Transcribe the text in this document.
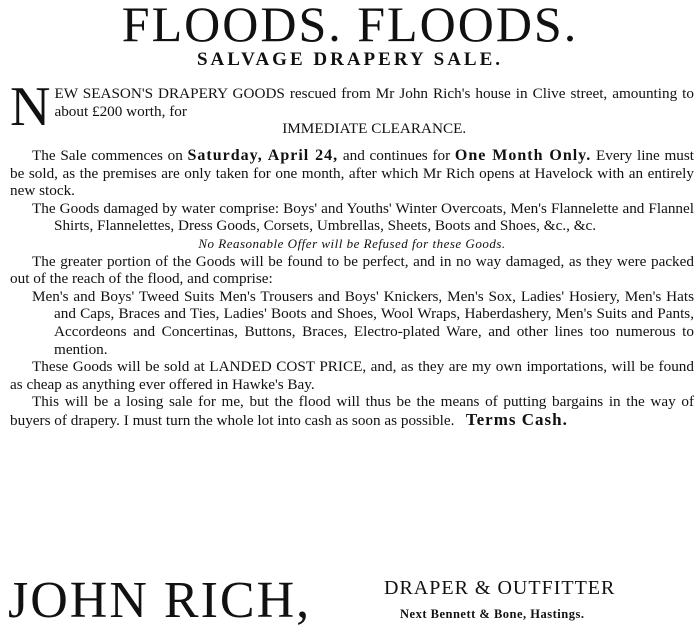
FLOODS. FLOODS.
SALVAGE DRAPERY SALE.
N EW SEASON'S DRAPERY GOODS rescued from Mr John Rich's house in Clive street, amounting to about £200 worth, for
IMMEDIATE CLEARANCE.

The Sale commences on Saturday, April 24, and continues for One Month Only. Every line must be sold, as the premises are only taken for one month, after which Mr Rich opens at Havelock with an entirely new stock.

The Goods damaged by water comprise: Boys' and Youths' Winter Overcoats, Men's Flannelette and Flannel Shirts, Flannelettes, Dress Goods, Corsets, Umbrellas, Sheets, Boots and Shoes, &c., &c.

No Reasonable Offer will be Refused for these Goods.

The greater portion of the Goods will be found to be perfect, and in no way damaged, as they were packed out of the reach of the flood, and comprise:

Men's and Boys' Tweed Suits Men's Trousers and Boys' Knickers, Men's Sox, Ladies' Hosiery, Men's Hats and Caps, Braces and Ties, Ladies' Boots and Shoes, Wool Wraps, Haberdashery, Men's Suits and Pants, Accordeons and Concertinas, Buttons, Braces, Electro-plated Ware, and other lines too numerous to mention.

These Goods will be sold at LANDED COST PRICE, and, as they are my own importations, will be found as cheap as anything ever offered in Hawke's Bay.

This will be a losing sale for me, but the flood will thus be the means of putting bargains in the way of buyers of drapery. I must turn the whole lot into cash as soon as possible. Terms Cash.

JOHN RICH,	DRAPER & OUTFITTER
Next Bennett & Bone, Hastings.
